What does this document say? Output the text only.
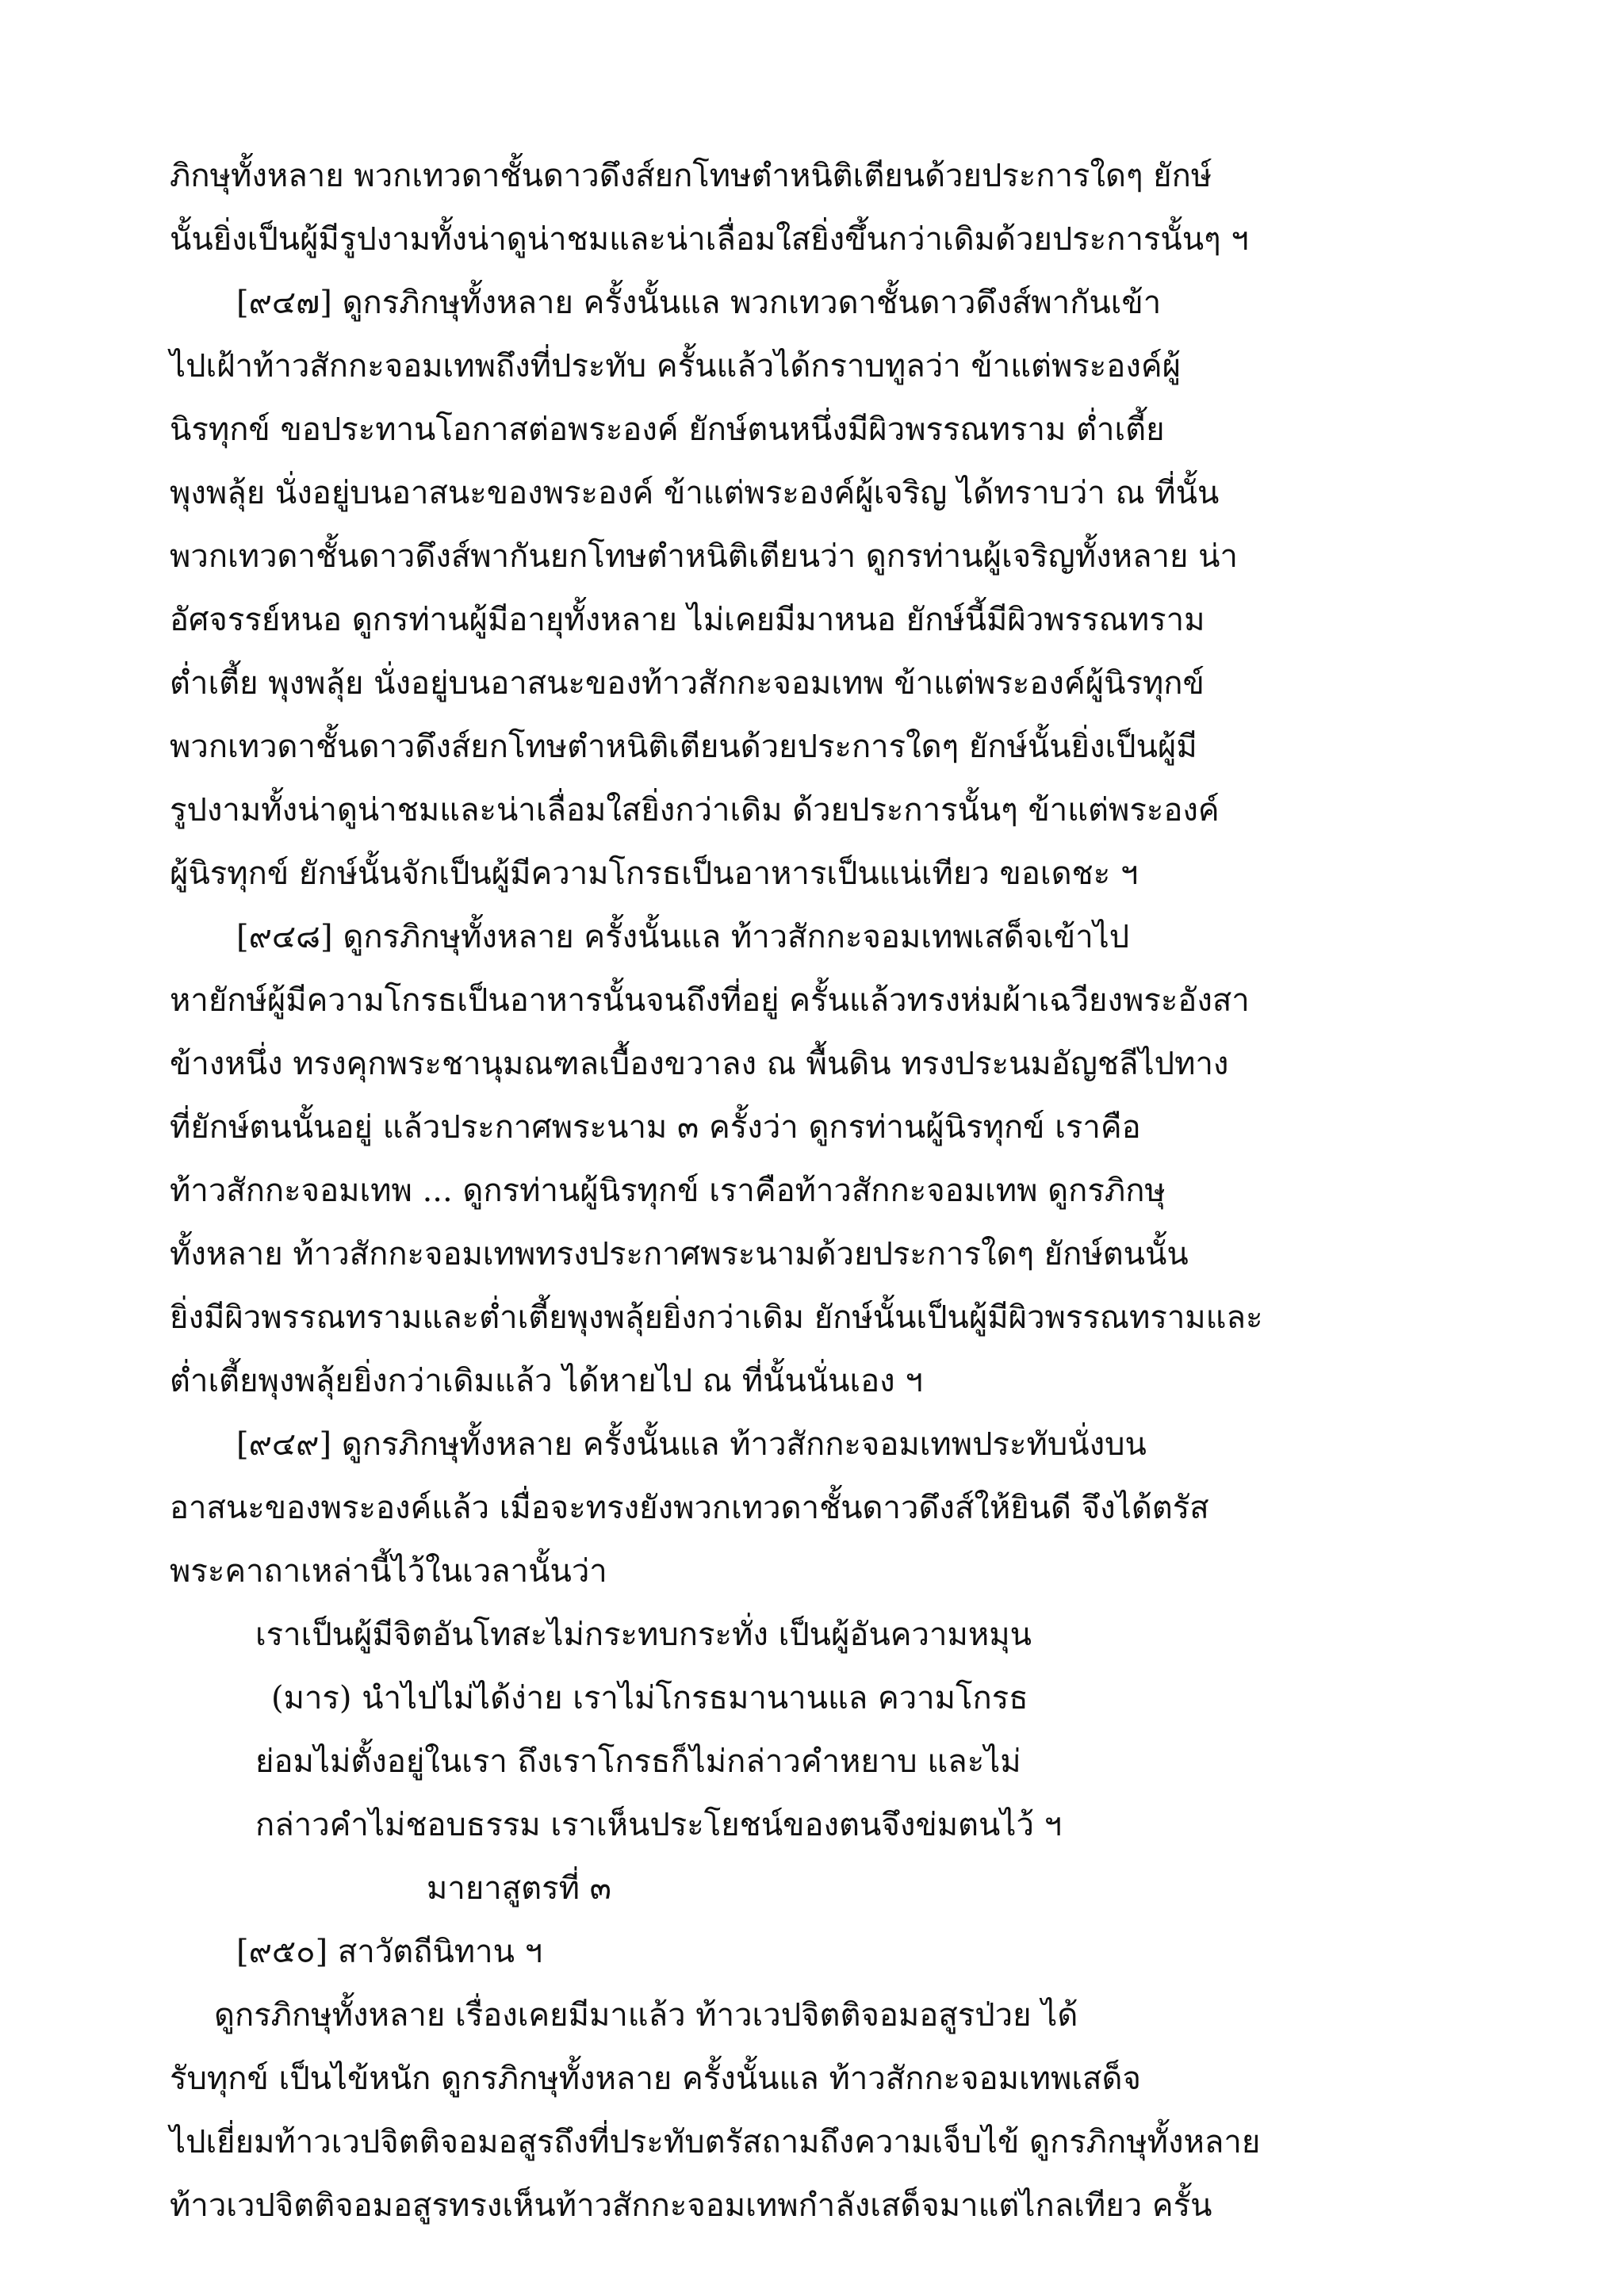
ภิกษุทั้งหลาย พวกเทวดาชั้นดาวดึงส์ยกโทษตำหนิติเตียนด้วยประการใดๆ ยักษ์
นั้นยิ่งเป็นผู้มีรูปงามทั้งน่าดูน่าชมและน่าเลื่อมใสยิ่งขึ้นกว่าเดิมด้วยประการนั้นๆ ฯ
[๙๔๗] ดูกรภิกษุทั้งหลาย ครั้งนั้นแล พวกเทวดาชั้นดาวดึงส์พากันเข้า
ไปเฝ้าท้าวสักกะจอมเทพถึงที่ประทับ ครั้นแล้วได้กราบทูลว่า ข้าแต่พระองค์ผู้
นิรทุกข์ ขอประทานโอกาสต่อพระองค์ ยักษ์ตนหนึ่งมีผิวพรรณทราม ต่ำเตี้ย
พุงพลุ้ย นั่งอยู่บนอาสนะของพระองค์ ข้าแต่พระองค์ผู้เจริญ ได้ทราบว่า ณ ที่นั้น
พวกเทวดาชั้นดาวดึงส์พากันยกโทษตำหนิติเตียนว่า ดูกรท่านผู้เจริญทั้งหลาย น่า
อัศจรรย์หนอ ดูกรท่านผู้มีอายุทั้งหลาย ไม่เคยมีมาหนอ ยักษ์นี้มีผิวพรรณทราม
ต่ำเตี้ย พุงพลุ้ย นั่งอยู่บนอาสนะของท้าวสักกะจอมเทพ ข้าแต่พระองค์ผู้นิรทุกข์
พวกเทวดาชั้นดาวดึงส์ยกโทษตำหนิติเตียนด้วยประการใดๆ ยักษ์นั้นยิ่งเป็นผู้มี
รูปงามทั้งน่าดูน่าชมและน่าเลื่อมใสยิ่งกว่าเดิม ด้วยประการนั้นๆ ข้าแต่พระองค์
ผู้นิรทุกข์ ยักษ์นั้นจักเป็นผู้มีความโกรธเป็นอาหารเป็นแน่เทียว ขอเดชะ ฯ
[๙๔๘] ดูกรภิกษุทั้งหลาย ครั้งนั้นแล ท้าวสักกะจอมเทพเสด็จเข้าไป
หายักษ์ผู้มีความโกรธเป็นอาหารนั้นจนถึงที่อยู่ ครั้นแล้วทรงห่มผ้าเฉวียงพระอังสา
ข้างหนึ่ง ทรงคุกพระชานุมณฑลเบื้องขวาลง ณ พื้นดิน ทรงประนมอัญชลีไปทาง
ที่ยักษ์ตนนั้นอยู่ แล้วประกาศพระนาม ๓ ครั้งว่า ดูกรท่านผู้นิรทุกข์ เราคือ
ท้าวสักกะจอมเทพ ... ดูกรท่านผู้นิรทุกข์ เราคือท้าวสักกะจอมเทพ ดูกรภิกษุ
ทั้งหลาย ท้าวสักกะจอมเทพทรงประกาศพระนามด้วยประการใดๆ ยักษ์ตนนั้น
ยิ่งมีผิวพรรณทรามและต่ำเตี้ยพุงพลุ้ยยิ่งกว่าเดิม ยักษ์นั้นเป็นผู้มีผิวพรรณทรามและ
ต่ำเตี้ยพุงพลุ้ยยิ่งกว่าเดิมแล้ว ได้หายไป ณ ที่นั้นนั่นเอง ฯ
[๙๔๙] ดูกรภิกษุทั้งหลาย ครั้งนั้นแล ท้าวสักกะจอมเทพประทับนั่งบน
อาสนะของพระองค์แล้ว เมื่อจะทรงยังพวกเทวดาชั้นดาวดึงส์ให้ยินดี จึงได้ตรัส
พระคาถาเหล่านี้ไว้ในเวลานั้นว่า
เราเป็นผู้มีจิตอันโทสะไม่กระทบกระทั่ง เป็นผู้อันความหมุน
(มาร) นำไปไม่ได้ง่าย เราไม่โกรธมานานแล ความโกรธ
ย่อมไม่ตั้งอยู่ในเรา ถึงเราโกรธก็ไม่กล่าวคำหยาบ และไม่
กล่าวคำไม่ชอบธรรม เราเห็นประโยชน์ของตนจึงข่มตนไว้ ฯ
มายาสูตรที่ ๓
[๙๕๐] สาวัตถีนิทาน ฯ
ดูกรภิกษุทั้งหลาย เรื่องเคยมีมาแล้ว ท้าวเวปจิตติจอมอสูรป่วย ได้
รับทุกข์ เป็นไข้หนัก ดูกรภิกษุทั้งหลาย ครั้งนั้นแล ท้าวสักกะจอมเทพเสด็จ
ไปเยี่ยมท้าวเวปจิตติจอมอสูรถึงที่ประทับตรัสถามถึงความเจ็บไข้ ดูกรภิกษุทั้งหลาย
ท้าวเวปจิตติจอมอสูรทรงเห็นท้าวสักกะจอมเทพกำลังเสด็จมาแต่ไกลเทียว ครั้น
